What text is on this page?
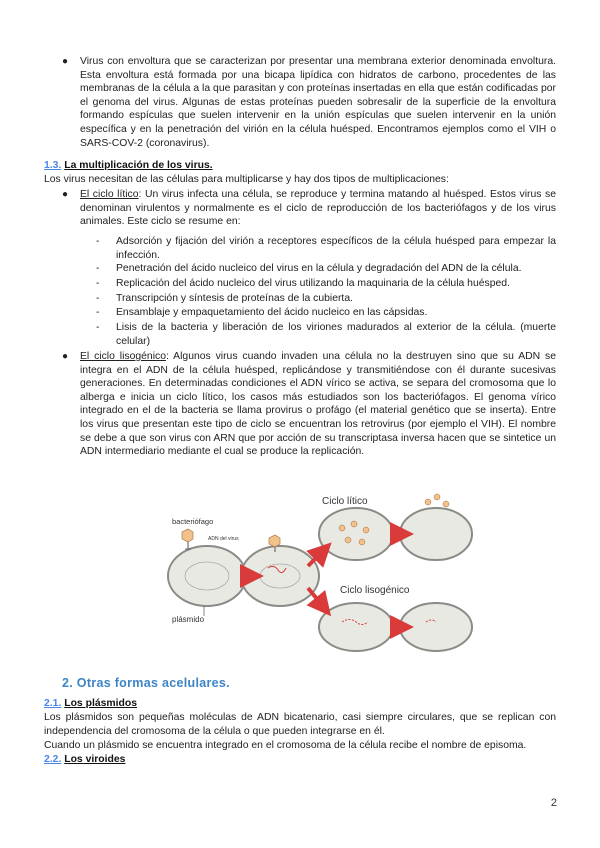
● Virus con envoltura que se caracterizan por presentar una membrana exterior denominada envoltura. Esta envoltura está formada por una bicapa lipídica con hidratos de carbono, procedentes de las membranas de la célula a la que parasitan y con proteínas insertadas en ella que están codificadas por el genoma del virus. Algunas de estas proteínas pueden sobresalir de la superficie de la envoltura formando espículas que suelen intervenir en la unión espículas que suelen intervenir en la unión específica y en la penetración del virión en la célula huésped. Encontramos ejemplos como el VIH o SARS-COV-2 (coronavirus).
1.3. La multiplicación de los virus.
Los virus necesitan de las células para multiplicarse y hay dos tipos de multiplicaciones:
● El ciclo lítico: Un virus infecta una célula, se reproduce y termina matando al huésped. Estos virus se denominan virulentos y normalmente es el ciclo de reproducción de los bacteriófagos y de los virus animales. Este ciclo se resume en:
- Adsorción y fijación del virión a receptores específicos de la célula huésped para empezar la infección.
- Penetración del ácido nucleico del virus en la célula y degradación del ADN de la célula.
- Replicación del ácido nucleico del virus utilizando la maquinaria de la célula huésped.
- Transcripción y síntesis de proteínas de la cubierta.
- Ensamblaje y empaquetamiento del ácido nucleico en las cápsidas.
- Lisis de la bacteria y liberación de los viriones madurados al exterior de la célula. (muerte celular)
● El ciclo lisogénico: Algunos virus cuando invaden una célula no la destruyen sino que su ADN se integra en el ADN de la célula huésped, replicándose y transmitiéndose con él durante sucesivas generaciones. En determinadas condiciones el ADN vírico se activa, se separa del cromosoma que lo alberga e inicia un ciclo lítico, los casos más estudiados son los bacteriófagos. El genoma vírico integrado en el de la bacteria se llama provirus o profágo (el material genético que se inserta). Entre los virus que presentan este tipo de ciclo se encuentran los retrovirus (por ejemplo el VIH). El nombre se debe a que son virus con ARN que por acción de su transcriptasa inversa hacen que se sintetice un ADN intermediario mediante el cual se produce la replicación.
Ciclo lítico
Ciclo lisogénico
bacteriófago
ADN del virus
plásmido
2. Otras formas acelulares.
2.1. Los plásmidos
Los plásmidos son pequeñas moléculas de ADN bicatenario, casi siempre circulares, que se replican con independencia del cromosoma de la célula o que pueden integrarse en él.
Cuando un plásmido se encuentra integrado en el cromosoma de la célula recibe el nombre de episoma.
2.2. Los viroides
2
